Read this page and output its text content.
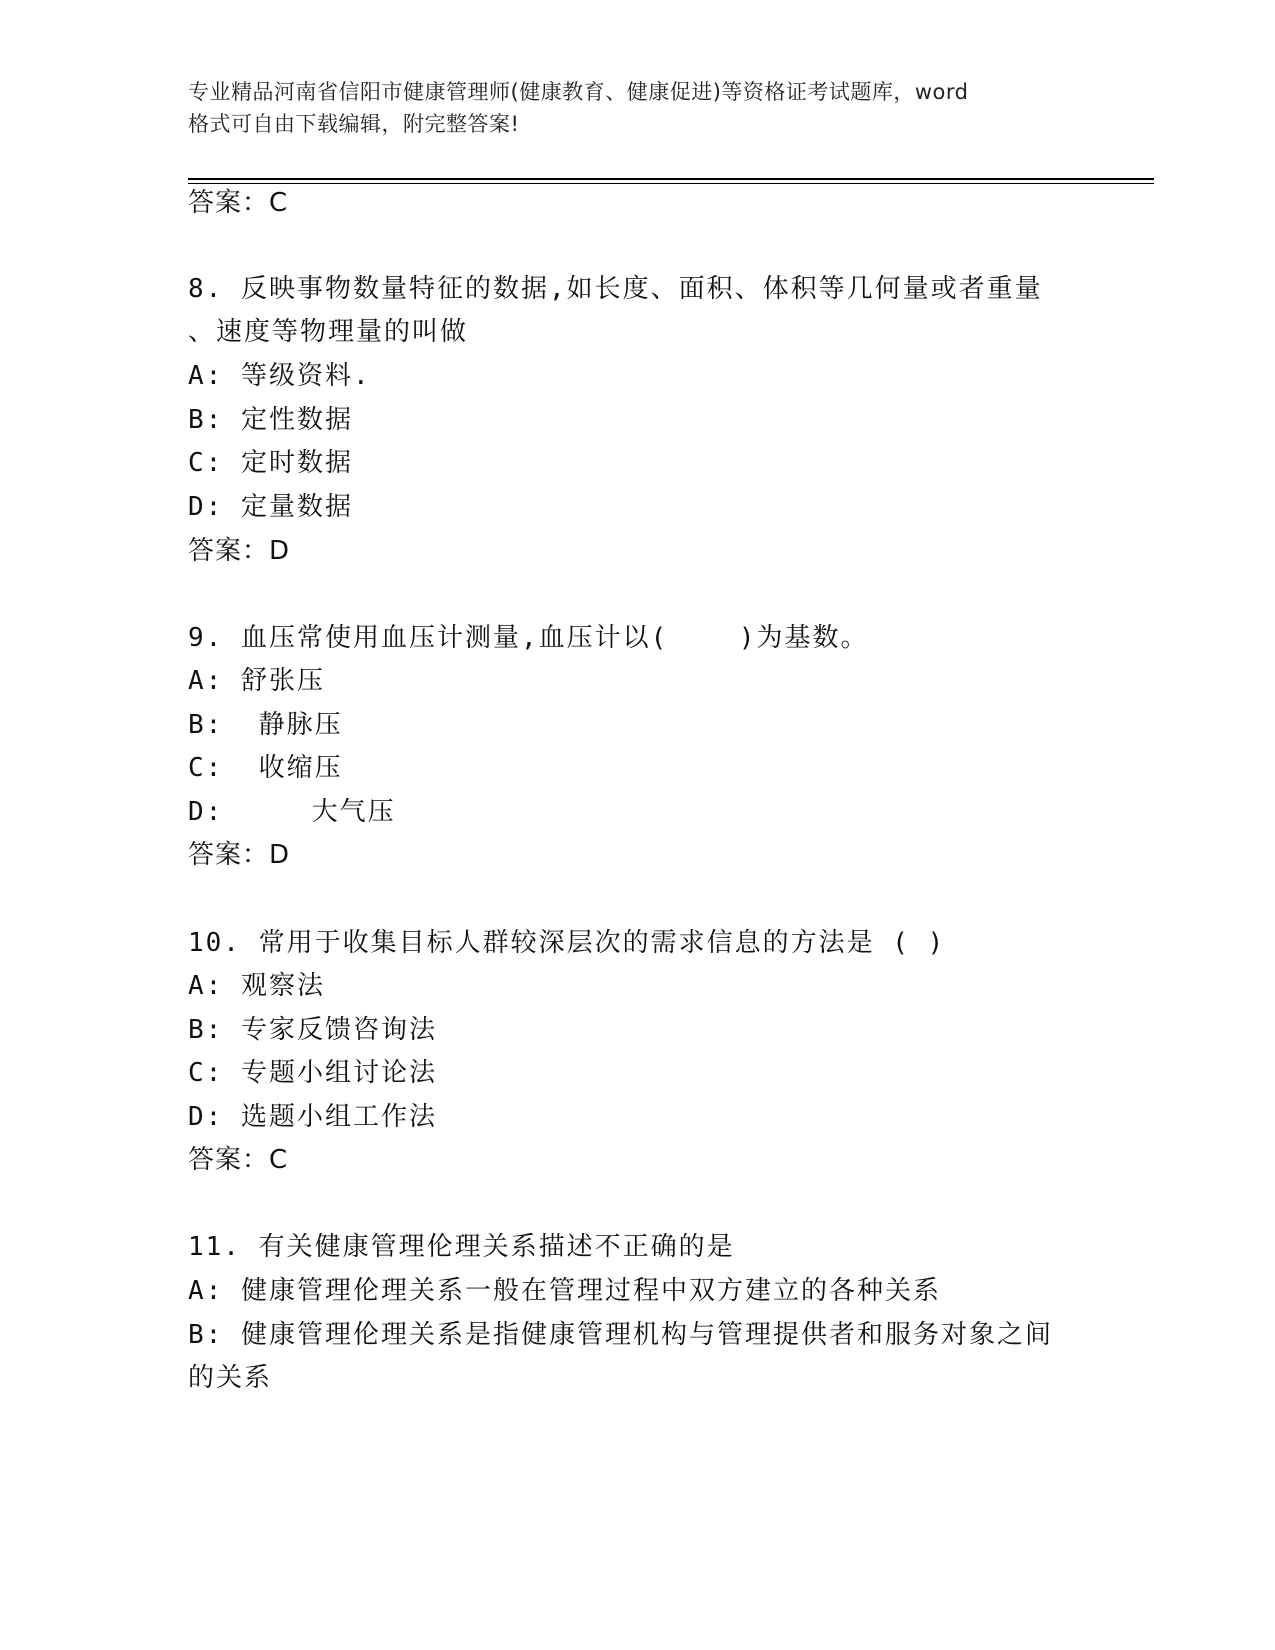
专业精品河南省信阳市健康管理师(健康教育、健康促进)等资格证考试题库，word
格式可自由下载编辑，附完整答案!
答案：C
8. 反映事物数量特征的数据,如长度、面积、体积等几何量或者重量
、速度等物理量的叫做
A: 等级资料.
B: 定性数据
C: 定时数据
D: 定量数据
答案：D
9. 血压常使用血压计测量,血压计以(    )为基数。
A: 舒张压
B:  静脉压
C:  收缩压
D:     大气压
答案：D
10. 常用于收集目标人群较深层次的需求信息的方法是 ( )
A: 观察法
B: 专家反馈咨询法
C: 专题小组讨论法
D: 选题小组工作法
答案：C
11. 有关健康管理伦理关系描述不正确的是
A: 健康管理伦理关系一般在管理过程中双方建立的各种关系
B: 健康管理伦理关系是指健康管理机构与管理提供者和服务对象之间
的关系
